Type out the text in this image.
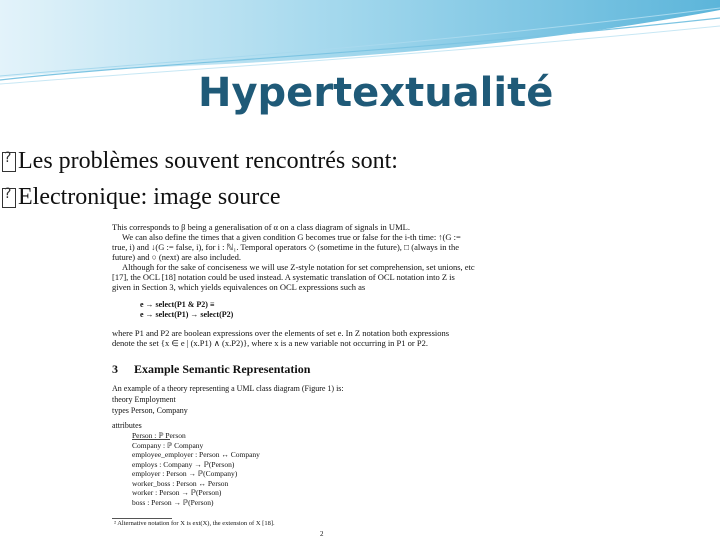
Hypertextualité
?
Les problèmes souvent rencontrés sont:
?
Electronique: image source

This corresponds to β being a generalisation of α on a class diagram of signals in UML.

We can also define the times that a given condition G becomes true or false for the i-th time: ↑(G :=

true, i) and ↓(G := false, i), for i : ℕ₁. Temporal operators ◇ (sometime in the future), □ (always in the

future) and ○ (next) are also included.

Although for the sake of conciseness we will use Z-style notation for set comprehension, set unions, etc

[17], the OCL [18] notation could be used instead. A systematic translation of OCL notation into Z is

given in Section 3, which yields equivalences on OCL expressions such as

e → select(P1 & P2) ≡
e → select(P1) → select(P2)

where P1 and P2 are boolean expressions over the elements of set e. In Z notation both expressions

denote the set {x ∈ e | (x.P1) ∧ (x.P2)}, where x is a new variable not occurring in P1 or P2.

3 Example Semantic Representation
An example of a theory representing a UML class diagram (Figure 1) is:
theory Employment
types Person, Company
attributes
Person : ℙ Person
Company : ℙ Company
employee_employer : Person ↔ Company
employs : Company → ℙ(Person)
employer : Person → ℙ(Company)
worker_boss : Person ↔ Person
worker : Person → ℙ(Person)
boss : Person → ℙ(Person)
² Alternative notation for X is ext(X), the extension of X [18].
2
